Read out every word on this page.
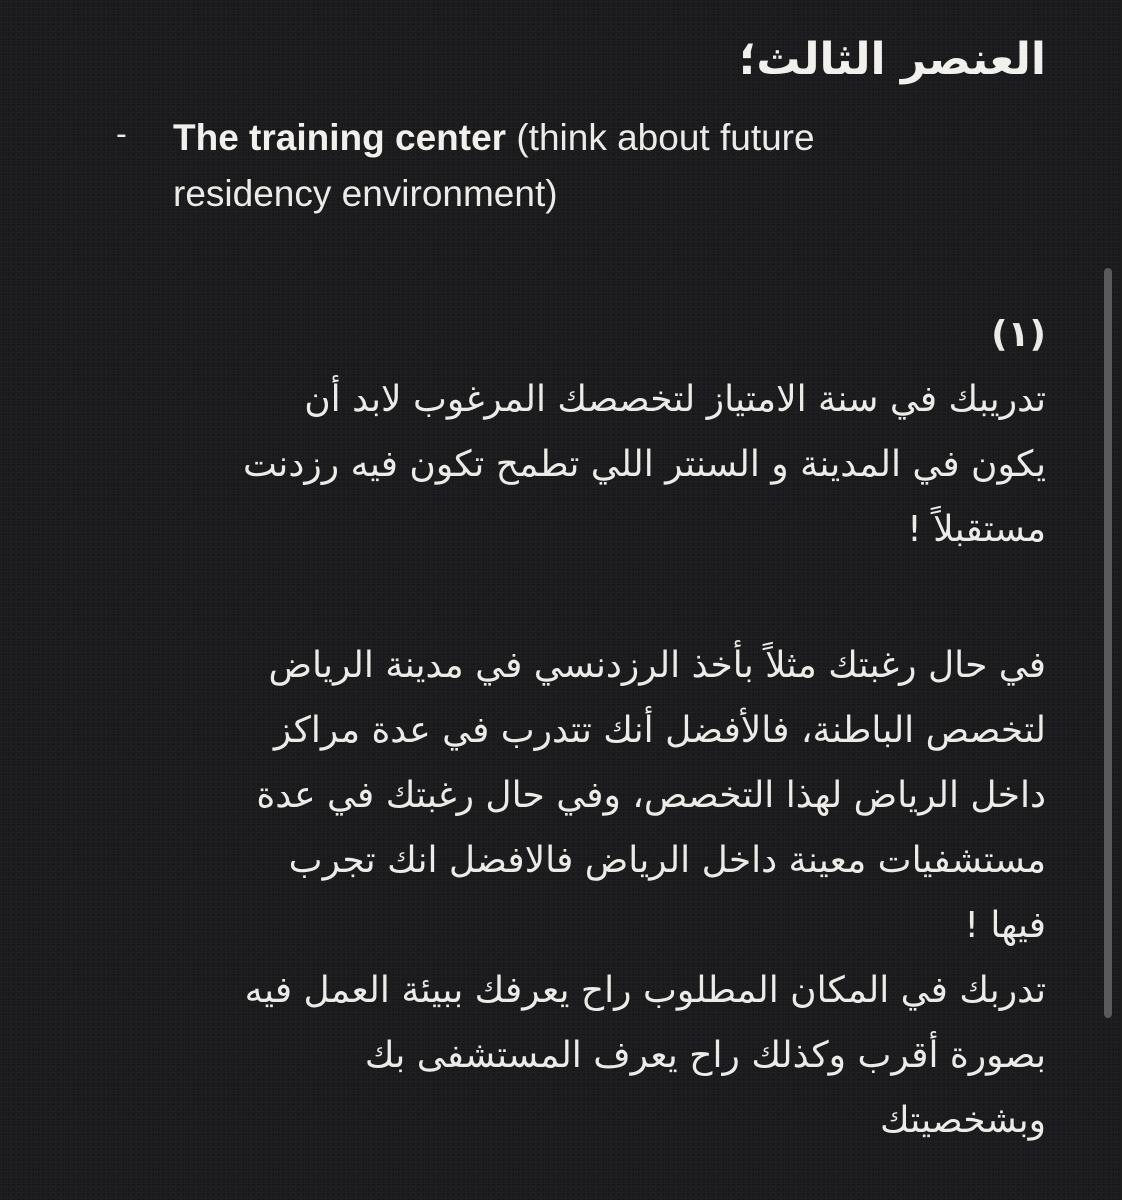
العنصر الثالث؛
- The training center (think about future
residency environment)
(١)
تدريبك في سنة الامتياز لتخصصك المرغوب لابد أن
يكون في المدينة و السنتر اللي تطمح تكون فيه رزدنت
مستقبلاً !
في حال رغبتك مثلاً بأخذ الرزدنسي في مدينة الرياض
لتخصص الباطنة، فالأفضل أنك تتدرب في عدة مراكز
داخل الرياض لهذا التخصص، وفي حال رغبتك في عدة
مستشفيات معينة داخل الرياض فالافضل انك تجرب
فيها !
تدربك في المكان المطلوب راح يعرفك ببيئة العمل فيه
بصورة أقرب وكذلك راح يعرف المستشفى بك
وبشخصيتك
